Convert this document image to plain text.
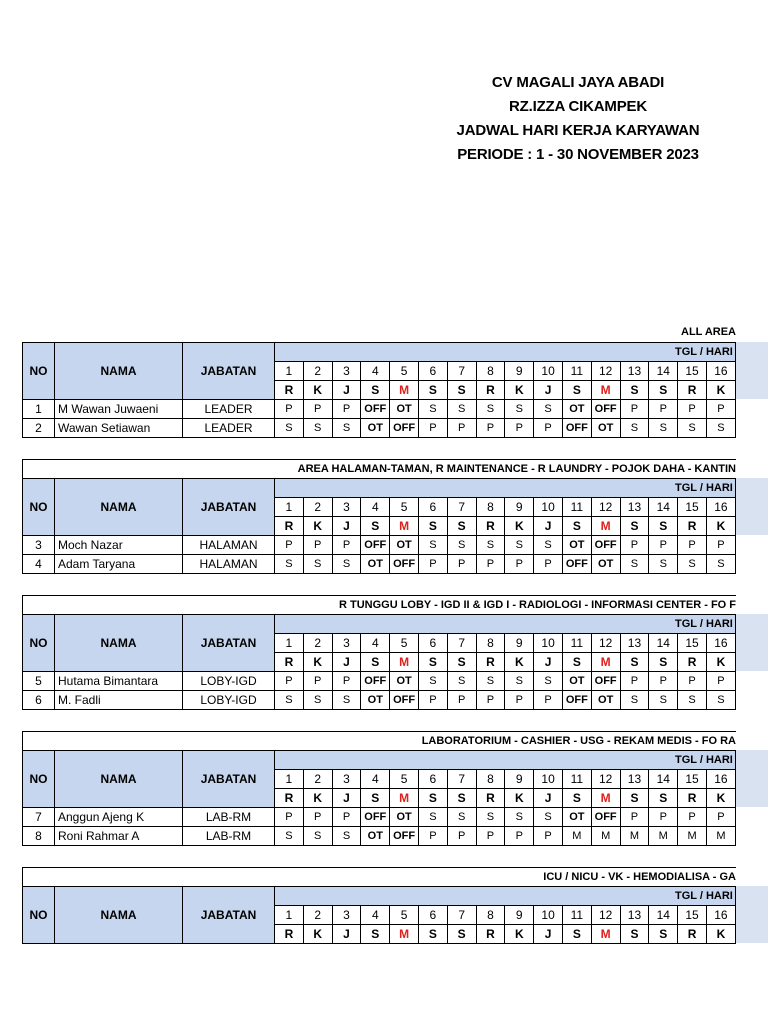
CV MAGALI JAYA ABADI
RZ.IZZA CIKAMPEK
JADWAL HARI KERJA KARYAWAN
PERIODE : 1 - 30 NOVEMBER 2023
ALL AREA
NO	NAMA	JABATAN	TGL / HARI															
			1	2	3	4	5	6	7	8	9	10	11	12	13	14	15	16
			R	K	J	S	M	S	S	R	K	J	S	M	S	S	R	K
1	M Wawan Juwaeni	LEADER	P	P	P	OFF	OT	S	S	S	S	S	OT	OFF	P	P	P	P
2	Wawan Setiawan	LEADER	S	S	S	OT	OFF	P	P	P	P	P	OFF	OT	S	S	S	S
AREA HALAMAN-TAMAN, R MAINTENANCE - R LAUNDRY - POJOK DAHA - KANTIN
NO	NAMA	JABATAN	TGL / HARI															
			1	2	3	4	5	6	7	8	9	10	11	12	13	14	15	16
			R	K	J	S	M	S	S	R	K	J	S	M	S	S	R	K
3	Moch Nazar	HALAMAN	P	P	P	OFF	OT	S	S	S	S	S	OT	OFF	P	P	P	P
4	Adam Taryana	HALAMAN	S	S	S	OT	OFF	P	P	P	P	P	OFF	OT	S	S	S	S
R TUNGGU LOBY - IGD II & IGD I - RADIOLOGI - INFORMASI CENTER - FO F
NO	NAMA	JABATAN	TGL / HARI															
			1	2	3	4	5	6	7	8	9	10	11	12	13	14	15	16
			R	K	J	S	M	S	S	R	K	J	S	M	S	S	R	K
5	Hutama Bimantara	LOBY-IGD	P	P	P	OFF	OT	S	S	S	S	S	OT	OFF	P	P	P	P
6	M. Fadli	LOBY-IGD	S	S	S	OT	OFF	P	P	P	P	P	OFF	OT	S	S	S	S
LABORATORIUM - CASHIER - USG - REKAM MEDIS - FO RA
NO	NAMA	JABATAN	TGL / HARI															
			1	2	3	4	5	6	7	8	9	10	11	12	13	14	15	16
			R	K	J	S	M	S	S	R	K	J	S	M	S	S	R	K
7	Anggun Ajeng K	LAB-RM	P	P	P	OFF	OT	S	S	S	S	S	OT	OFF	P	P	P	P
8	Roni Rahmar A	LAB-RM	S	S	S	OT	OFF	P	P	P	P	P	M	M	M	M	M	M
ICU / NICU - VK - HEMODIALISA - GA
NO	NAMA	JABATAN	TGL / HARI															
			1	2	3	4	5	6	7	8	9	10	11	12	13	14	15	16
			R	K	J	S	M	S	S	R	K	J	S	M	S	S	R	K
